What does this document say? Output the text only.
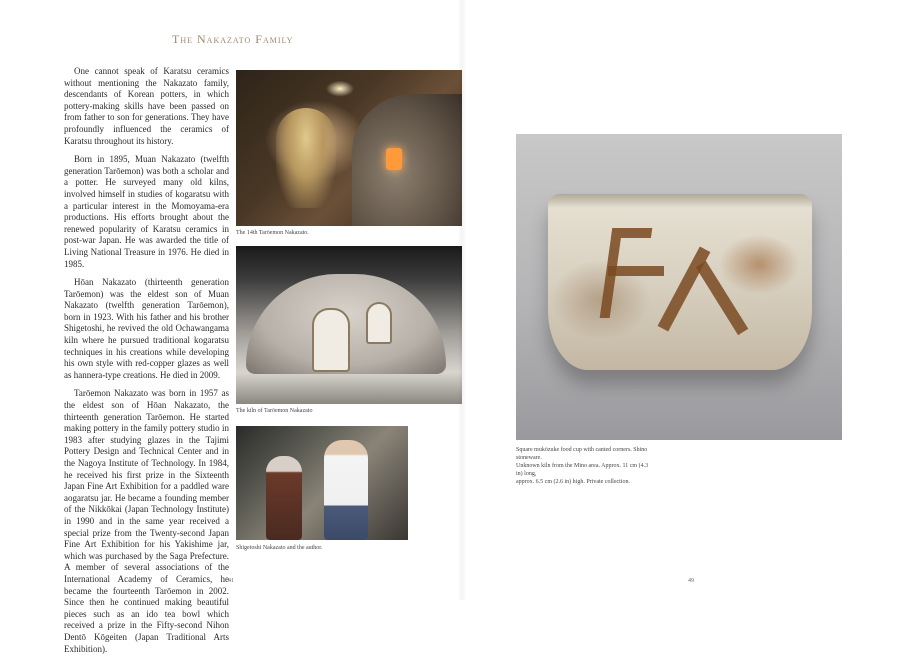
The Nakazato Family

One cannot speak of Karatsu ceramics without mentioning the Nakazato family, descendants of Korean potters, in which pottery-making skills have been passed on from father to son for generations. They have profoundly influenced the ceramics of Karatsu throughout its history.

Born in 1895, Muan Nakazato (twelfth generation Tarōemon) was both a scholar and a potter. He surveyed many old kilns, involved himself in studies of kogaratsu with a particular interest in the Momoyama-era productions. His efforts brought about the renewed popularity of Karatsu ceramics in post-war Japan. He was awarded the title of Living National Treasure in 1976. He died in 1985.

Hōan Nakazato (thirteenth generation Tarōemon) was the eldest son of Muan Nakazato (twelfth generation Tarōemon), born in 1923. With his father and his brother Shigetoshi, he revived the old Ochawangama kiln where he pursued traditional kogaratsu techniques in his creations while developing his own style with red-copper glazes as well as hannera-type creations. He died in 2009.

Tarōemon Nakazato was born in 1957 as the eldest son of Hōan Nakazato, the thirteenth generation Tarōemon. He started making pottery in the family pottery studio in 1983 after studying glazes in the Tajimi Pottery Design and Technical Center and in the Nagoya Institute of Technology. In 1984, he received his first prize in the Sixteenth Japan Fine Art Exhibition for a paddled ware aogaratsu jar. He became a founding member of the Nikkōkai (Japan Technology Institute) in 1990 and in the same year received a special prize from the Twenty-second Japan Fine Art Exhibition for his Yakishime jar, which was purchased by the Saga Prefecture. A member of several associations of the International Academy of Ceramics, he became the fourteenth Tarōemon in 2002. Since then he continued making beautiful pieces such as an ido tea bowl which received a prize in the Fifty-second Nihon Dentō Kōgeiten (Japan Traditional Arts Exhibition).

The 14th Tarōemon Nakazato.
The kiln of Tarōemon Nakazato
Shigetoshi Nakazato and the author.
41
Square mukōzuke food cup with canted corners. Shino stoneware.
Unknown kiln from the Mino area. Approx. 11 cm (4.3 in) long,
approx. 6.5 cm (2.6 in) high. Private collection.
49
